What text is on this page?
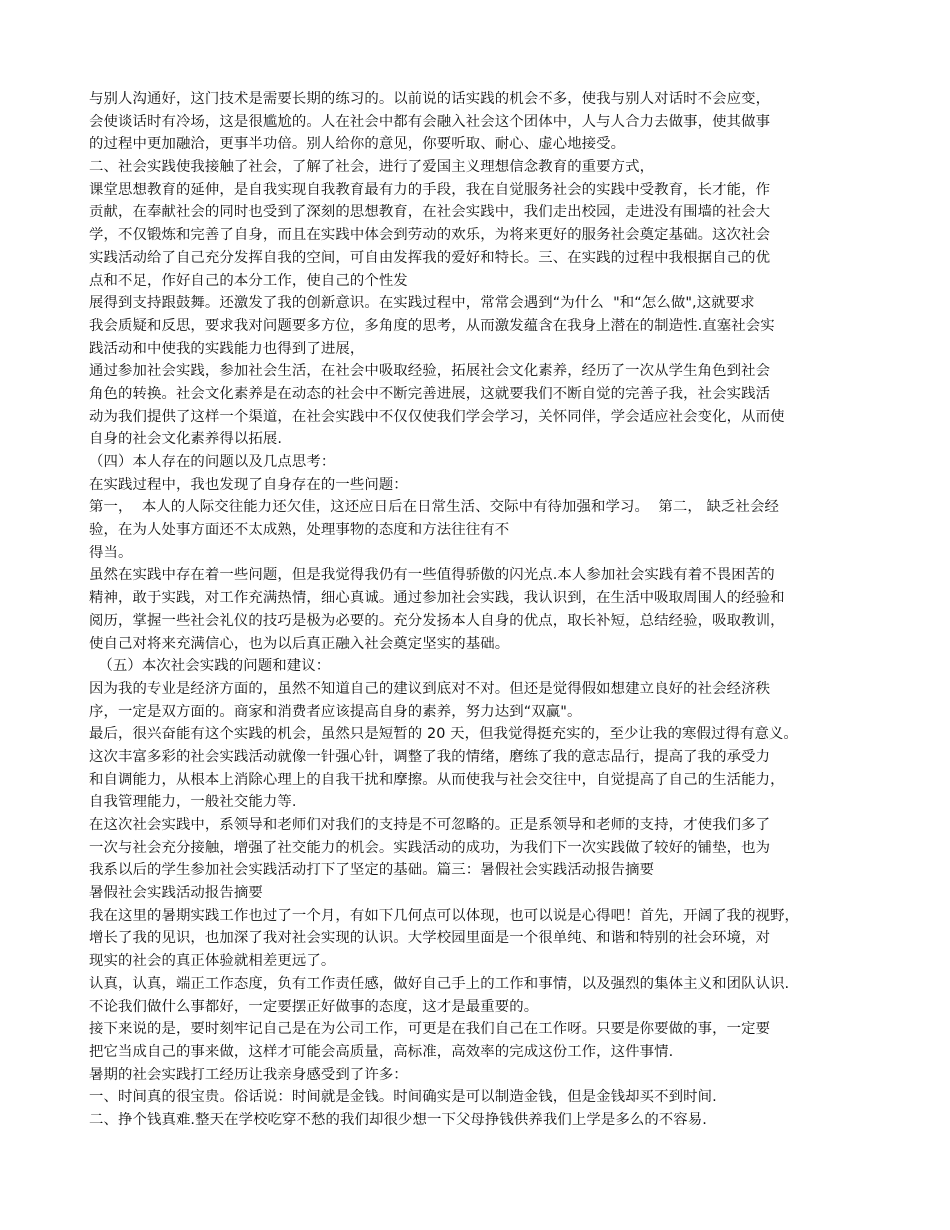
与别人沟通好，这门技术是需要长期的练习的。以前说的话实践的机会不多，使我与别人对话时不会应变，
会使谈话时有冷场，这是很尴尬的。人在社会中都有会融入社会这个团体中，人与人合力去做事，使其做事
的过程中更加融洽，更事半功倍。别人给你的意见，你要听取、耐心、虚心地接受。
二、社会实践使我接触了社会，了解了社会，进行了爱国主义理想信念教育的重要方式，
课堂思想教育的延伸，是自我实现自我教育最有力的手段，我在自觉服务社会的实践中受教育，长才能，作
贡献，在奉献社会的同时也受到了深刻的思想教育，在社会实践中，我们走出校园，走进没有围墙的社会大
学，不仅锻炼和完善了自身，而且在实践中体会到劳动的欢乐，为将来更好的服务社会奠定基础。这次社会
实践活动给了自己充分发挥自我的空间，可自由发挥我的爱好和特长。三、在实践的过程中我根据自己的优
点和不足，作好自己的本分工作，使自己的个性发
展得到支持跟鼓舞。还激发了我的创新意识。在实践过程中，常常会遇到“为什么  "和“怎么做",这就要求
我会质疑和反思，要求我对问题要多方位，多角度的思考，从而激发蕴含在我身上潜在的制造性.直塞社会实
践活动和中使我的实践能力也得到了进展，
通过参加社会实践，参加社会生活，在社会中吸取经验，拓展社会文化素养，经历了一次从学生角色到社会
角色的转换。社会文化素养是在动态的社会中不断完善进展，这就要我们不断自觉的完善子我，社会实践活
动为我们提供了这样一个渠道，在社会实践中不仅仅使我们学会学习，关怀同伴，学会适应社会变化，从而使
自身的社会文化素养得以拓展.
（四）本人存在的问题以及几点思考：
在实践过程中，我也发现了自身存在的一些问题：
第一，  本人的人际交往能力还欠佳，这还应日后在日常生活、交际中有待加强和学习。  第二， 缺乏社会经
验，在为人处事方面还不太成熟，处理事物的态度和方法往往有不
得当。
虽然在实践中存在着一些问题，但是我觉得我仍有一些值得骄傲的闪光点.本人参加社会实践有着不畏困苦的
精神，敢于实践，对工作充满热情，细心真诚。通过参加社会实践，我认识到，在生活中吸取周围人的经验和
阅历，掌握一些社会礼仪的技巧是极为必要的。充分发扬本人自身的优点，取长补短，总结经验，吸取教训，
使自己对将来充满信心，也为以后真正融入社会奠定坚实的基础。
（五）本次社会实践的问题和建议：
因为我的专业是经济方面的，虽然不知道自己的建议到底对不对。但还是觉得假如想建立良好的社会经济秩
序，一定是双方面的。商家和消费者应该提高自身的素养，努力达到“双赢"。
最后，很兴奋能有这个实践的机会，虽然只是短暂的 20 天，但我觉得挺充实的，至少让我的寒假过得有意义。
这次丰富多彩的社会实践活动就像一针强心针，调整了我的情绪，磨练了我的意志品行，提高了我的承受力
和自调能力，从根本上消除心理上的自我干扰和摩擦。从而使我与社会交往中，自觉提高了自己的生活能力，
自我管理能力，一般社交能力等.
在这次社会实践中，系领导和老师们对我们的支持是不可忽略的。正是系领导和老师的支持，才使我们多了
一次与社会充分接触，增强了社交能力的机会。实践活动的成功，为我们下一次实践做了较好的铺垫，也为
我系以后的学生参加社会实践活动打下了坚定的基础。篇三：暑假社会实践活动报告摘要
暑假社会实践活动报告摘要
我在这里的暑期实践工作也过了一个月，有如下几何点可以体现，也可以说是心得吧！首先，开阔了我的视野，
增长了我的见识，也加深了我对社会实现的认识。大学校园里面是一个很单纯、和谐和特别的社会环境，对
现实的社会的真正体验就相差更远了。
认真，认真，端正工作态度，负有工作责任感，做好自己手上的工作和事情，以及强烈的集体主义和团队认识.
不论我们做什么事都好，一定要摆正好做事的态度，这才是最重要的。
接下来说的是，要时刻牢记自己是在为公司工作，可更是在我们自己在工作呀。只要是你要做的事，一定要
把它当成自己的事来做，这样才可能会高质量，高标准，高效率的完成这份工作，这件事情.
暑期的社会实践打工经历让我亲身感受到了许多：
一、时间真的很宝贵。俗话说：时间就是金钱。时间确实是可以制造金钱，但是金钱却买不到时间.
二、挣个钱真难.整天在学校吃穿不愁的我们却很少想一下父母挣钱供养我们上学是多么的不容易.
